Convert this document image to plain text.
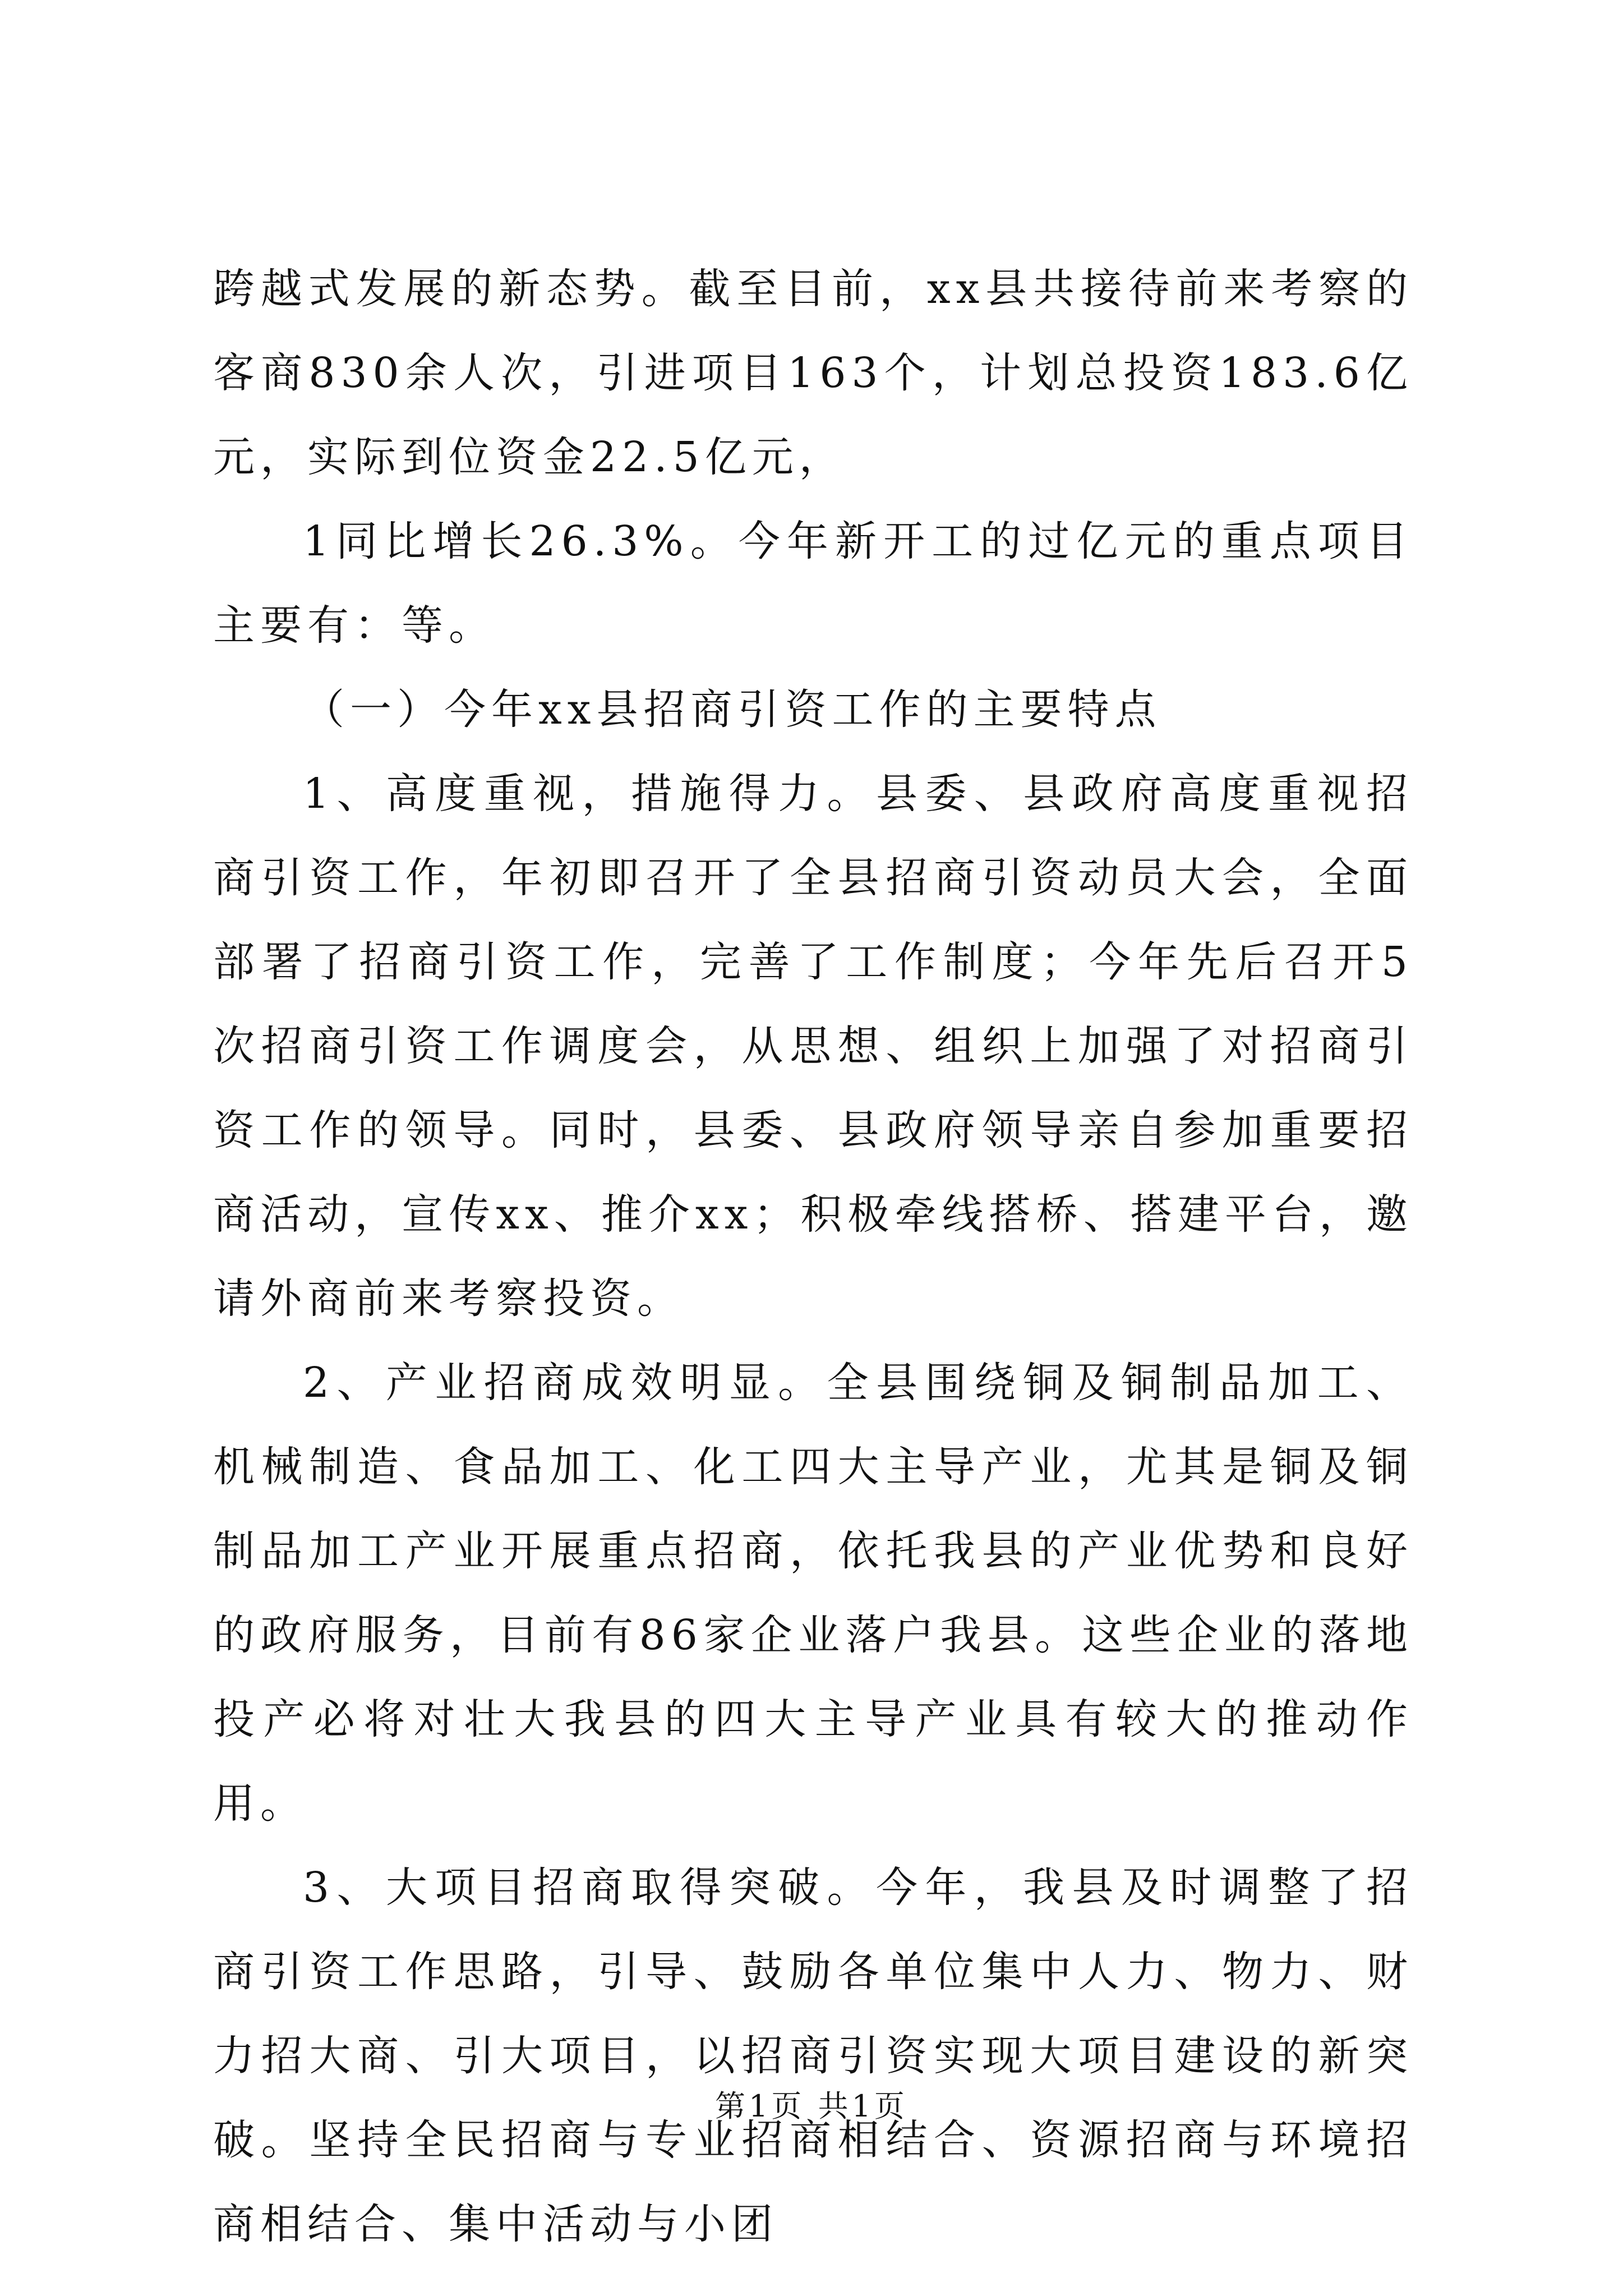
跨越式发展的新态势。截至目前，xx县共接待前来考察的客商830余人次，引进项目163个，计划总投资183.6亿元，实际到位资金22.5亿元，

1同比增长26.3%。今年新开工的过亿元的重点项目主要有：等。

（一）今年xx县招商引资工作的主要特点

1、高度重视，措施得力。县委、县政府高度重视招商引资工作，年初即召开了全县招商引资动员大会，全面部署了招商引资工作，完善了工作制度；今年先后召开5次招商引资工作调度会，从思想、组织上加强了对招商引资工作的领导。同时，县委、县政府领导亲自参加重要招商活动，宣传xx、推介xx；积极牵线搭桥、搭建平台，邀请外商前来考察投资。

2、产业招商成效明显。全县围绕铜及铜制品加工、机械制造、食品加工、化工四大主导产业，尤其是铜及铜制品加工产业开展重点招商，依托我县的产业优势和良好的政府服务，目前有86家企业落户我县。这些企业的落地投产必将对壮大我县的四大主导产业具有较大的推动作用。

3、大项目招商取得突破。今年，我县及时调整了招商引资工作思路，引导、鼓励各单位集中人力、物力、财力招大商、引大项目，以招商引资实现大项目建设的新突破。坚持全民招商与专业招商相结合、资源招商与环境招商相结合、集中活动与小团

第1页 共1页
